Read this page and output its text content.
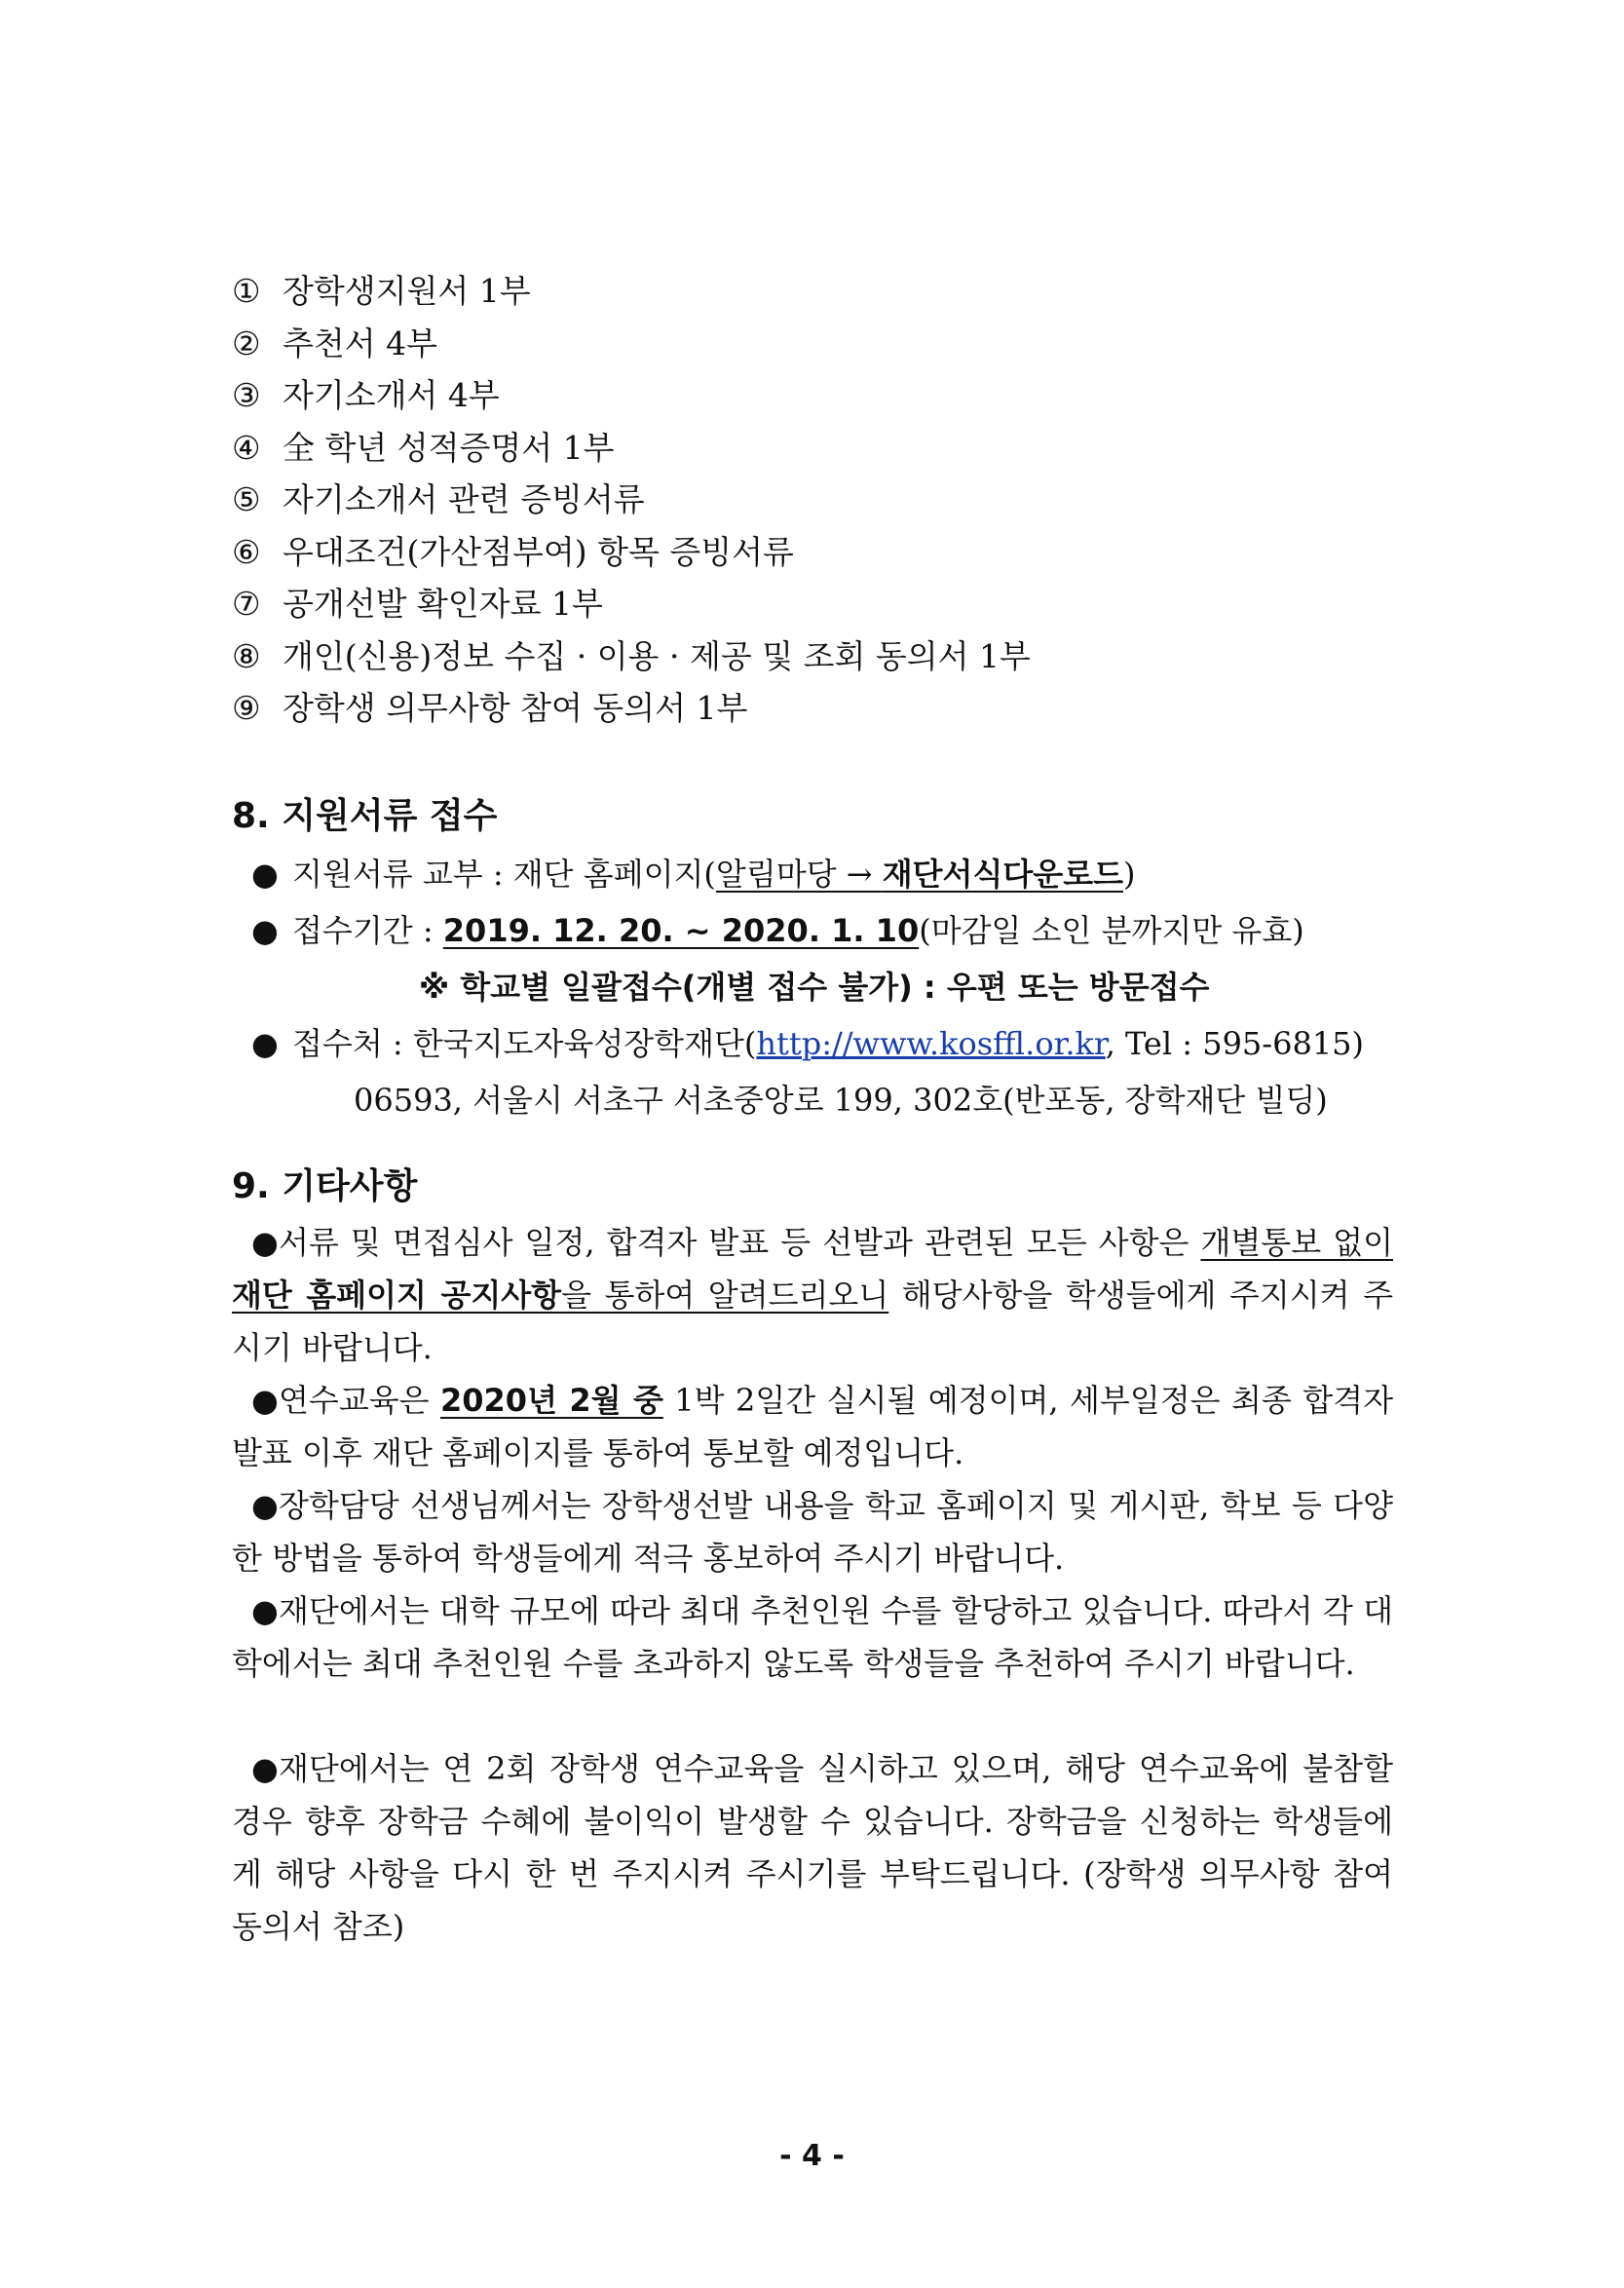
① 장학생지원서 1부
② 추천서 4부
③ 자기소개서 4부
④ 全 학년 성적증명서 1부
⑤ 자기소개서 관련 증빙서류
⑥ 우대조건(가산점부여) 항목 증빙서류
⑦ 공개선발 확인자료 1부
⑧ 개인(신용)정보 수집 · 이용 · 제공 및 조회 동의서 1부
⑨ 장학생 의무사항 참여 동의서 1부
8. 지원서류 접수
● 지원서류 교부 : 재단 홈페이지(알림마당 → 재단서식다운로드)
● 접수기간 : 2019. 12. 20. ~ 2020. 1. 10(마감일 소인 분까지만 유효)
※ 학교별 일괄접수(개별 접수 불가) : 우편 또는 방문접수
● 접수처 : 한국지도자육성장학재단(http://www.kosffl.or.kr, Tel : 595-6815)
06593, 서울시 서초구 서초중앙로 199, 302호(반포동, 장학재단 빌딩)
9. 기타사항
●서류 및 면접심사 일정, 합격자 발표 등 선발과 관련된 모든 사항은 개별통보 없이 재단 홈페이지 공지사항을 통하여 알려드리오니 해당사항을 학생들에게 주지시켜 주시기 바랍니다.
●연수교육은 2020년 2월 중 1박 2일간 실시될 예정이며, 세부일정은 최종 합격자 발표 이후 재단 홈페이지를 통하여 통보할 예정입니다.
●장학담당 선생님께서는 장학생선발 내용을 학교 홈페이지 및 게시판, 학보 등 다양한 방법을 통하여 학생들에게 적극 홍보하여 주시기 바랍니다.
●재단에서는 대학 규모에 따라 최대 추천인원 수를 할당하고 있습니다. 따라서 각 대학에서는 최대 추천인원 수를 초과하지 않도록 학생들을 추천하여 주시기 바랍니다.
●재단에서는 연 2회 장학생 연수교육을 실시하고 있으며, 해당 연수교육에 불참할 경우 향후 장학금 수혜에 불이익이 발생할 수 있습니다. 장학금을 신청하는 학생들에게 해당 사항을 다시 한 번 주지시켜 주시기를 부탁드립니다. (장학생 의무사항 참여 동의서 참조)
- 4 -
